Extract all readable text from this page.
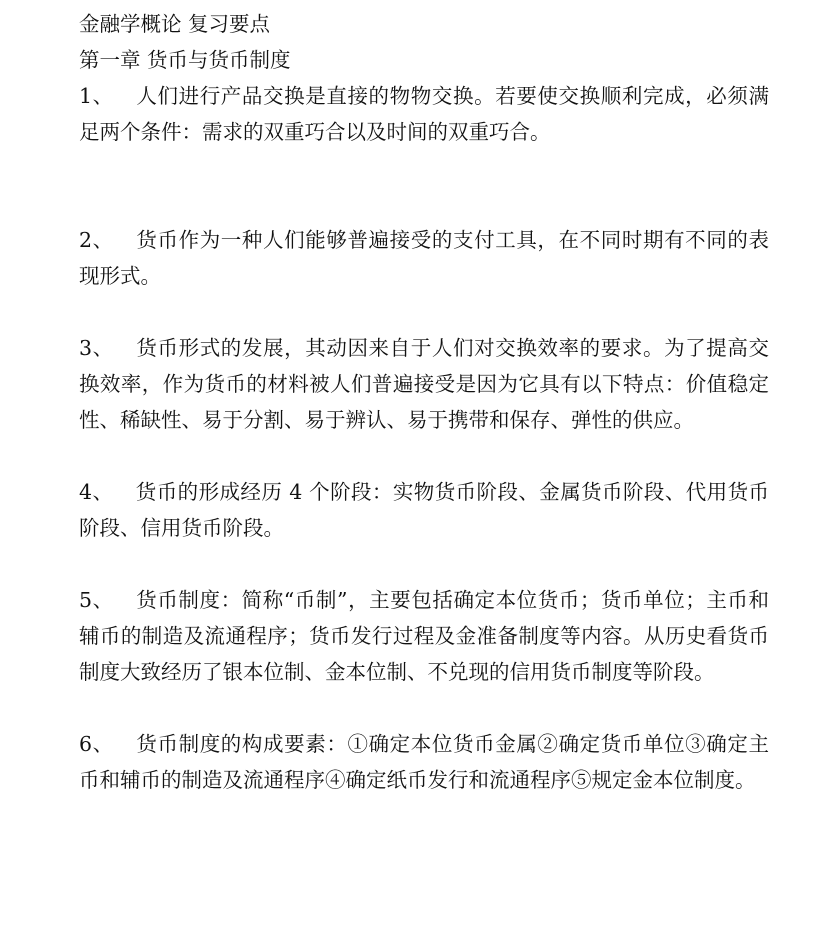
金融学概论 复习要点

第一章 货币与货币制度

1、 人们进行产品交换是直接的物物交换。若要使交换顺利完成，必须满足两个条件：需求的双重巧合以及时间的双重巧合。

2、 货币作为一种人们能够普遍接受的支付工具，在不同时期有不同的表现形式。

3、 货币形式的发展，其动因来自于人们对交换效率的要求。为了提高交换效率，作为货币的材料被人们普遍接受是因为它具有以下特点：价值稳定性、稀缺性、易于分割、易于辨认、易于携带和保存、弹性的供应。

4、 货币的形成经历 4 个阶段：实物货币阶段、金属货币阶段、代用货币阶段、信用货币阶段。

5、 货币制度：简称“币制”，主要包括确定本位货币；货币单位；主币和辅币的制造及流通程序；货币发行过程及金准备制度等内容。从历史看货币制度大致经历了银本位制、金本位制、不兑现的信用货币制度等阶段。

6、 货币制度的构成要素：①确定本位货币金属②确定货币单位③确定主币和辅币的制造及流通程序④确定纸币发行和流通程序⑤规定金本位制度。
